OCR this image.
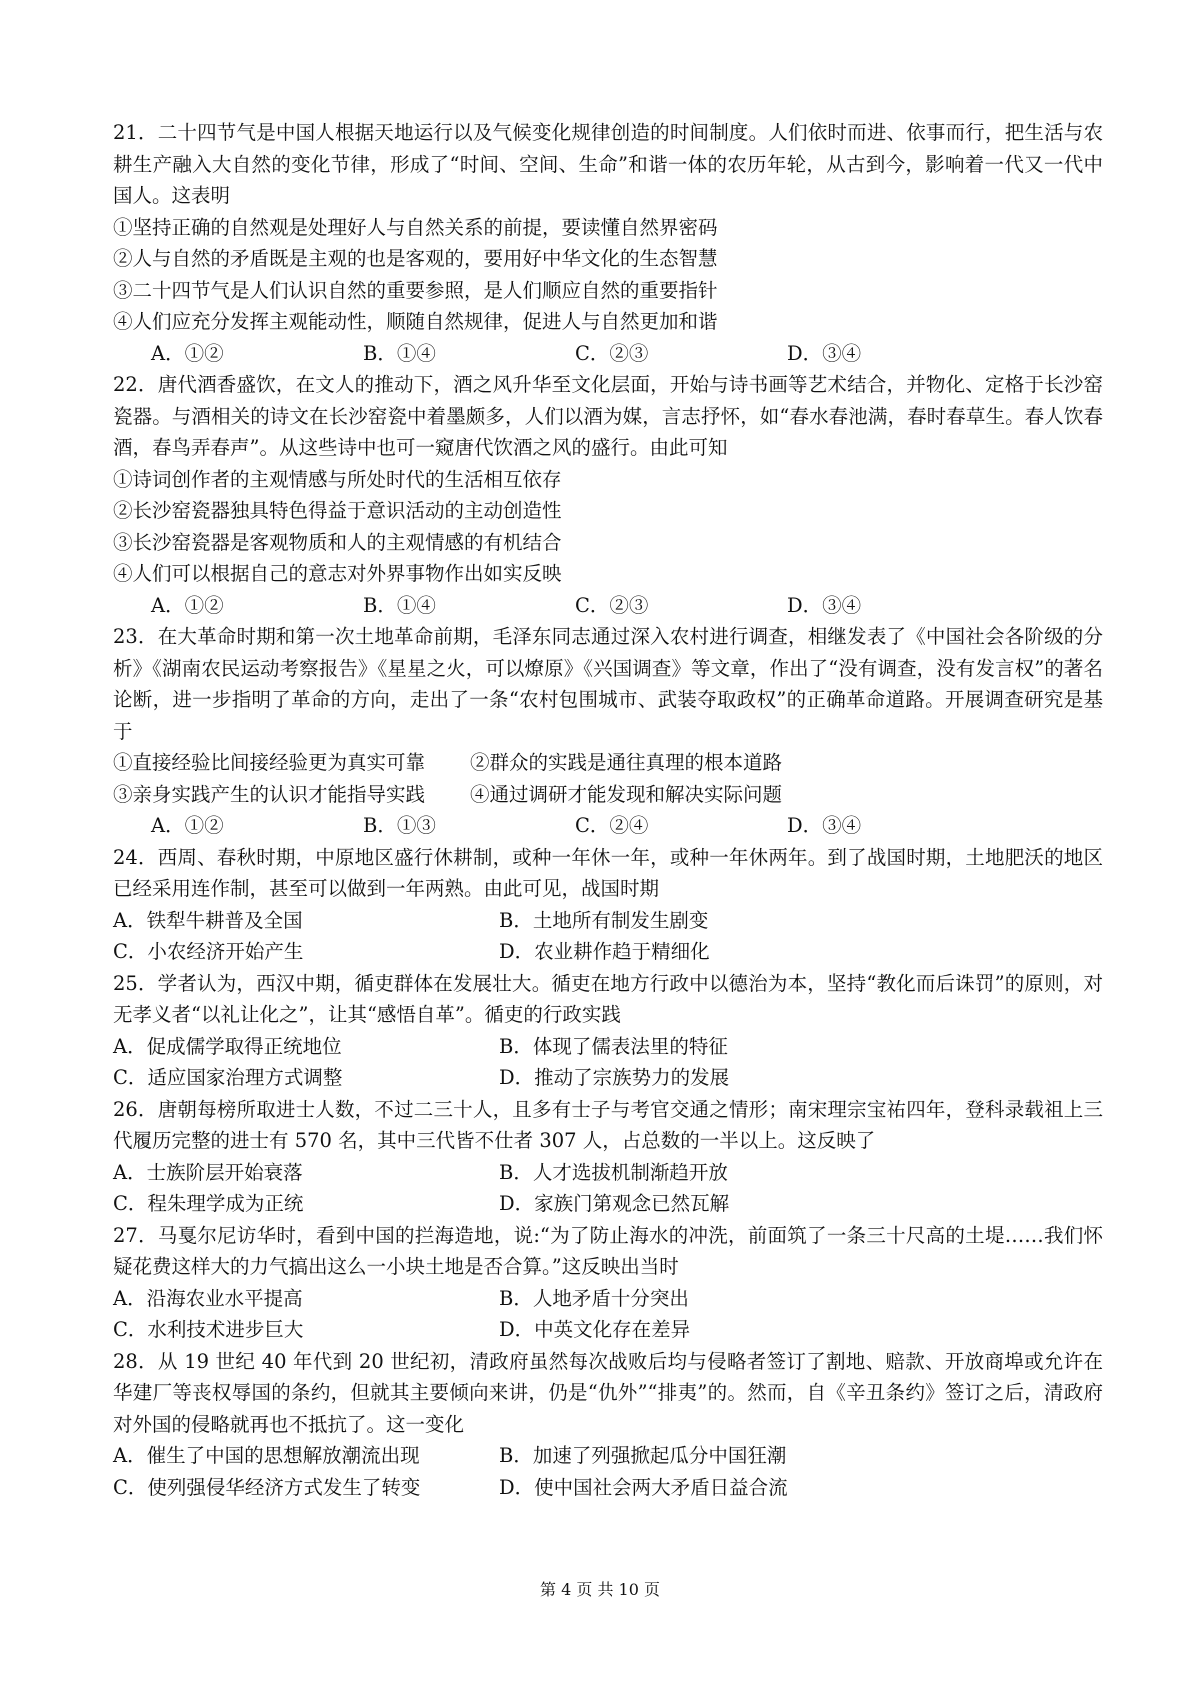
21．二十四节气是中国人根据天地运行以及气候变化规律创造的时间制度。人们依时而进、依事而行，把生活与农耕生产融入大自然的变化节律，形成了“时间、空间、生命”和谐一体的农历年轮，从古到今，影响着一代又一代中国人。这表明

①坚持正确的自然观是处理好人与自然关系的前提，要读懂自然界密码

②人与自然的矛盾既是主观的也是客观的，要用好中华文化的生态智慧

③二十四节气是人们认识自然的重要参照，是人们顺应自然的重要指针

④人们应充分发挥主观能动性，顺随自然规律，促进人与自然更加和谐

A．①②	B．①④	C．②③	D．③④

22．唐代酒香盛饮，在文人的推动下，酒之风升华至文化层面，开始与诗书画等艺术结合，并物化、定格于长沙窑瓷器。与酒相关的诗文在长沙窑瓷中着墨颇多，人们以酒为媒，言志抒怀，如“春水春池满，春时春草生。春人饮春酒，春鸟弄春声”。从这些诗中也可一窥唐代饮酒之风的盛行。由此可知

①诗词创作者的主观情感与所处时代的生活相互依存

②长沙窑瓷器独具特色得益于意识活动的主动创造性

③长沙窑瓷器是客观物质和人的主观情感的有机结合

④人们可以根据自己的意志对外界事物作出如实反映

A．①②	B．①④	C．②③	D．③④

23．在大革命时期和第一次土地革命前期，毛泽东同志通过深入农村进行调查，相继发表了《中国社会各阶级的分析》《湖南农民运动考察报告》《星星之火，可以燎原》《兴国调查》等文章，作出了“没有调查，没有发言权”的著名论断，进一步指明了革命的方向，走出了一条“农村包围城市、武装夺取政权”的正确革命道路。开展调查研究是基于

①直接经验比间接经验更为真实可靠	②群众的实践是通往真理的根本道路
③亲身实践产生的认识才能指导实践	④通过调研才能发现和解决实际问题
A．①②	B．①③	C．②④	D．③④

24．西周、春秋时期，中原地区盛行休耕制，或种一年休一年，或种一年休两年。到了战国时期，土地肥沃的地区已经采用连作制，甚至可以做到一年两熟。由此可见，战国时期

A．铁犁牛耕普及全国	B．土地所有制发生剧变
C．小农经济开始产生	D．农业耕作趋于精细化

25．学者认为，西汉中期，循吏群体在发展壮大。循吏在地方行政中以德治为本，坚持“教化而后诛罚”的原则，对无孝义者“以礼让化之”，让其“感悟自革”。循吏的行政实践

A．促成儒学取得正统地位	B．体现了儒表法里的特征
C．适应国家治理方式调整	D．推动了宗族势力的发展

26．唐朝每榜所取进士人数，不过二三十人，且多有士子与考官交通之情形；南宋理宗宝祐四年，登科录载祖上三代履历完整的进士有 570 名，其中三代皆不仕者 307 人，占总数的一半以上。这反映了

A．士族阶层开始衰落	B．人才选拔机制渐趋开放
C．程朱理学成为正统	D．家族门第观念已然瓦解

27．马戛尔尼访华时，看到中国的拦海造地，说:“为了防止海水的冲洗，前面筑了一条三十尺高的土堤……我们怀疑花费这样大的力气搞出这么一小块土地是否合算。”这反映出当时

A．沿海农业水平提高	B．人地矛盾十分突出
C．水利技术进步巨大	D．中英文化存在差异

28．从 19 世纪 40 年代到 20 世纪初，清政府虽然每次战败后均与侵略者签订了割地、赔款、开放商埠或允许在华建厂等丧权辱国的条约，但就其主要倾向来讲，仍是“仇外”“排夷”的。然而，自《辛丑条约》签订之后，清政府对外国的侵略就再也不抵抗了。这一变化

A．催生了中国的思想解放潮流出现	B．加速了列强掀起瓜分中国狂潮
C．使列强侵华经济方式发生了转变	D．使中国社会两大矛盾日益合流
第 4 页 共 10 页
